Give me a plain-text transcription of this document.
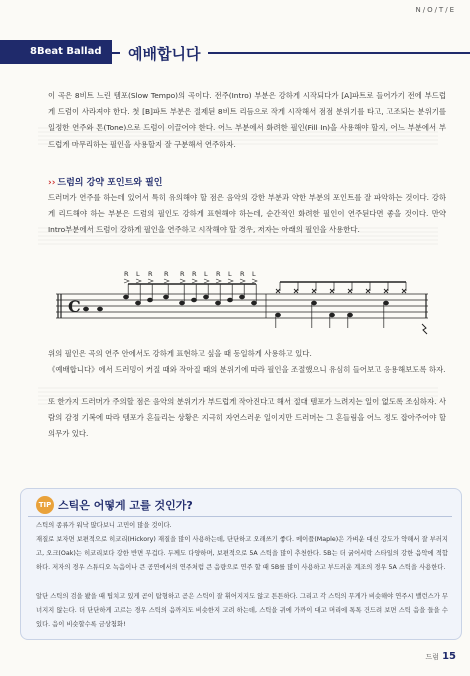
N/O/T/E
8Beat Ballad	예배합니다
이 곡은 8비트 느린 템포(Slow Tempo)의 곡이다. 전주(Intro) 부분은 강하게 시작되다가 [A]파트로 들어가기 전에 부드럽게 드럼이 사라져야 한다. 첫 [B]파트 부분은 절제된 8비트 리듬으로 작게 시작해서 점점 분위기를 타고, 고조되는 분위기를 일정한 연주와 톤(Tone)으로 드럼이 이끌어야 한다. 어느 부분에서 화려한 필인(Fill In)을 사용해야 할지, 어느 부분에서 부드럽게 마무리하는 필인을 사용할지 잘 구분해서 연주하자.
›› 드럼의 강약 포인트와 필인
드러머가 연주를 하는데 있어서 특히 유의해야 할 점은 음악의 강한 부분과 약한 부분의 포인트를 잘 파악하는 것이다. 강하게 리드해야 하는 부분은 드럼의 필인도 강하게 표현해야 하는데, 순간적인 화려한 필인이 연주된다면 좋을 것이다. 만약 Intro부분에서 드럼이 강하게 필인을 연주하고 시작해야 할 경우, 저자는 아래의 필인을 사용한다.
R L R R R R L R L R L
C
위의 필인은 곡의 연주 안에서도 강하게 표현하고 싶을 때 동일하게 사용하고 있다.
《예배합니다》에서 드러밍이 커질 때와 작아질 때의 분위기에 따라 필인을 조절했으니 유심히 들어보고 응용해보도록 하자.
또 한가지 드러머가 주의할 점은 음악의 분위기가 부드럽게 작아진다고 해서 절대 템포가 느려지는 일이 없도록 조심하자. 사람의 감정 기복에 따라 템포가 흔들리는 상황은 지극히 자연스러운 일이지만 드러머는 그 흔들림을 어느 정도 잡아주어야 할 의무가 있다.
TIP 스틱은 어떻게 고를 것인가?
스틱의 종류가 워낙 많다보니 고민이 많을 것이다.
재질로 보자면 보편적으로 히코리(Hickory) 재질을 많이 사용하는데, 단단하고 오래쓰기 좋다. 메이플(Maple)은 가벼운 대신 강도가 약해서 잘 부러지고, 오크(Oak)는 히코리보다 강한 반면 무겁다. 두께도 다양하며, 보편적으로 5A 스틱을 많이 추천한다. 5B는 더 굵어서락 스타일의 강한 음악에 적합하다. 저자의 경우 스튜디오 녹음이나 큰 공연에서의 연주처럼 큰 음량으로 연주 할 때 5B를 많이 사용하고 부드러운 계조의 경우 5A 스틱을 사용한다.
알단 스틱의 검을 봤을 때 팁치고 있게 곧이 탐형하고 곧은 스틱이 잘 휘어지지도 않고 튼튼하다. 그리고 각 스틱의 무게가 비슷해야 연주시 밸런스가 무너지지 않는다. 더 단단하게 고르는 경우 스틱의 음까지도 비슷한지 고려 하는데, 스틱을 귀에 가까이 대고 머리에 톡톡 건드려 보면 스틱 음을 들을 수 있다. 음이 비슷할수록 금상첨화!
드럼 15
